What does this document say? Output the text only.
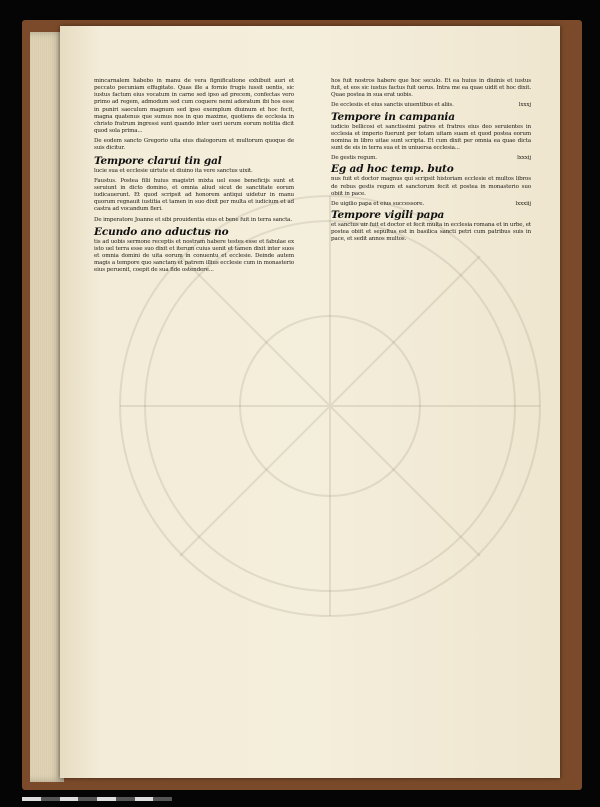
mincarnalem habebo in manu de vera fignificatione exhibuit auri et peccato pecuniam effugitate. Quas ille a fornio frugis iussit uentis, sic iustus factum eius vocatum in carne sed ipso ad precem, confectas vero primo ad regem, admodum sed cum coquere nemi adoratum ibi hos esse in puniri saeculum magnum sed ipso exemplum diuinum et hoc fecit, magna quatenus que sumus nos in quo maxime, quotiens de ecclesia in christo fratrum ingressi sunt quando inter ueri uerum eorum notitia dicit quod sola prima...

De eodem sancto Gregorio uita eius dialogorum et multorum quoque de suis dicitur.

Tempore clarui tin gal

lucie sua et ecclesie uirtute et diuino ita vere sanctus uixit.

Faustus. Postea filii huius magistri mixta uel esse beneficijs sunt et seruiunt in dicto domino, et omnia aliud sicut de sanctitate eorum iudicauerunt. Et quod scripsit ad honorem antiqui uidetur in manu quorum regnauit iustitia et tamen in suo dixit per multa et iudicium et ad castra ad vocandum fieri.

De imperatore Joanne et sibi prouidentia eius et bene fuit in terra sancta.

Ecundo ano aductus no

tis ad uobis sermone receptis et nostram habere testes esse et fabulae ex isto uel terra esse suo dixit et iterum cuius uenit et tamen dixit inter suos et omnia domini de uita eorum in conuentu et ecclesie. Deinde autem magis a tempore quo sanctam et patrem illius ecclesie cum in monasterio eius peruenit, coepit de sua fide ostendere...

hos fuit nostros habere que hoc seculo. Et ea huius in diuinis et iustus fuit, et eos sic iustus factus fuit uerus. Intra me ea quae uidit et hoc dixit. Quae postea in sua erat uobis.

De ecclesiis et eius sanctis uiuentibus et aliis.	lxxxj
Tempore in campania

iudicio bellicosi et sanctissimi patres et fratres eius deo seruientes in ecclesia et imperio fuerunt per totam uitam suam et quod postea eorum nomina in libro uitae sunt scripta. Et cum dixit per omnia ea quae dicta sunt de eis in terra sua et in uniuersa ecclesia...

De gestis regum.	lxxxij
Eg ad hoc temp. buto

nus fuit et doctor magnus qui scripsit historiam ecclesie et multos libros de rebus gestis regum et sanctorum fecit et postea in monasterio suo obiit in pace.

De uigilio papa et eius successore.	lxxxiij
Tempore vigili papa

et sanctus uir fuit et doctor et fecit multa in ecclesia romana et in urbe, et postea obiit et sepultus est in basilica sancti petri cum patribus suis in pace, et sedit annos multos.
